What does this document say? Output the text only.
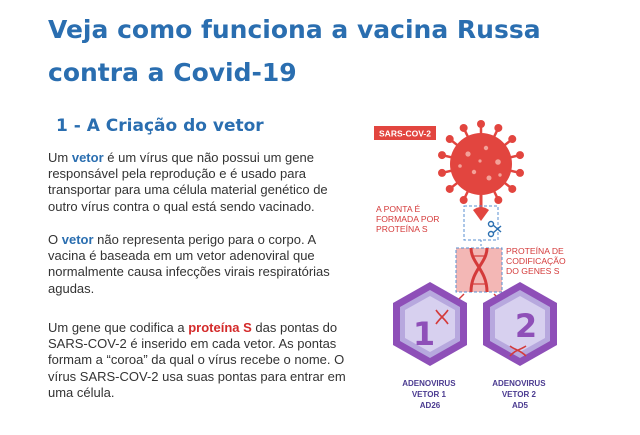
Veja como funciona a vacina Russa contra a Covid-19
1 - A Criação do vetor

Um vetor é um vírus que não possui um gene responsável pela reprodução e é usado para transportar para uma célula material genético de outro vírus contra o qual está sendo vacinado.

O vetor não representa perigo para o corpo. A vacina é baseada em um vetor adenoviral que normalmente causa infecções virais respiratórias agudas.

Um gene que codifica a proteína S das pontas do SARS-COV-2 é inserido em cada vetor. As pontas formam a “coroa” da qual o vírus recebe o nome. O vírus SARS-COV-2 usa suas pontas para entrar em uma célula.

SARS-COV-2
A PONTA É FORMADA POR PROTEÍNA S
PROTEÍNA DE CODIFICAÇÃO DO GENES S
1 2
ADENOVIRUS VETOR 1 AD26
ADENOVIRUS VETOR 2 AD5
